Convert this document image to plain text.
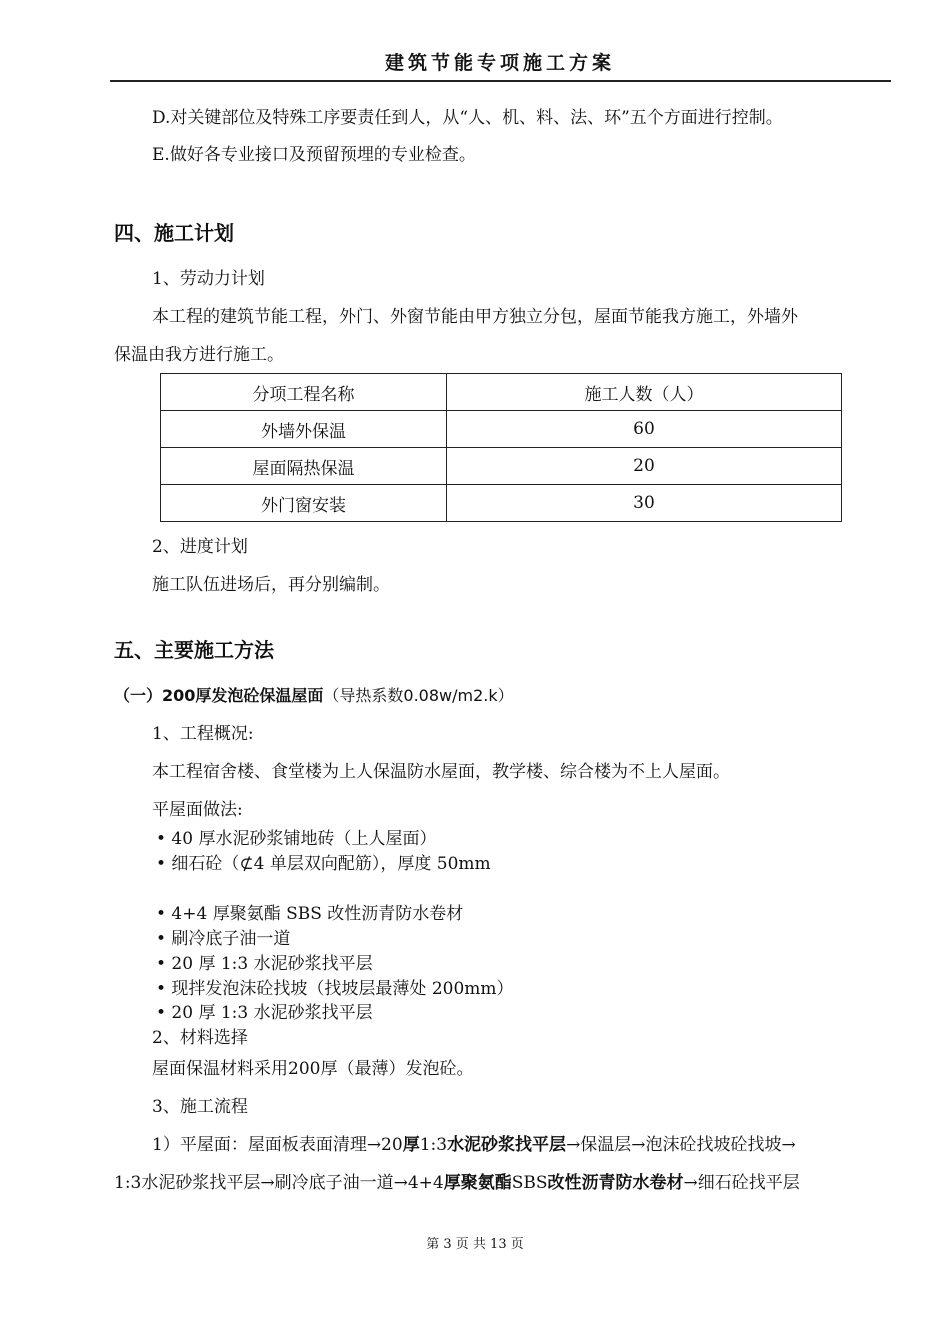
建筑节能专项施工方案
D.对关键部位及特殊工序要责任到人，从“人、机、料、法、环”五个方面进行控制。
E.做好各专业接口及预留预埋的专业检查。
四、施工计划
1、劳动力计划
本工程的建筑节能工程，外门、外窗节能由甲方独立分包，屋面节能我方施工，外墙外
保温由我方进行施工。
分项工程名称	施工人数（人）
外墙外保温	60
屋面隔热保温	20
外门窗安装	30
2、进度计划
施工队伍进场后，再分别编制。
五、主要施工方法
（一）200厚发泡砼保温屋面（导热系数0.08w/m2.k）
1、工程概况:
本工程宿舍楼、食堂楼为上人保温防水屋面，教学楼、综合楼为不上人屋面。
平屋面做法:
• 40 厚水泥砂浆铺地砖（上人屋面）
• 细石砼（⊄4 单层双向配筋），厚度 50mm
• 4+4 厚聚氨酯 SBS 改性沥青防水卷材
• 刷冷底子油一道
• 20 厚 1:3 水泥砂浆找平层
• 现拌发泡沫砼找坡（找坡层最薄处 200mm）
• 20 厚 1:3 水泥砂浆找平层
2、材料选择
屋面保温材料采用200厚（最薄）发泡砼。
3、施工流程
1）平屋面：屋面板表面清理→20厚1:3水泥砂浆找平层→保温层→泡沫砼找坡砼找坡→
1:3水泥砂浆找平层→刷冷底子油一道→4+4厚聚氨酯SBS改性沥青防水卷材→细石砼找平层
第 3 页 共 13 页
